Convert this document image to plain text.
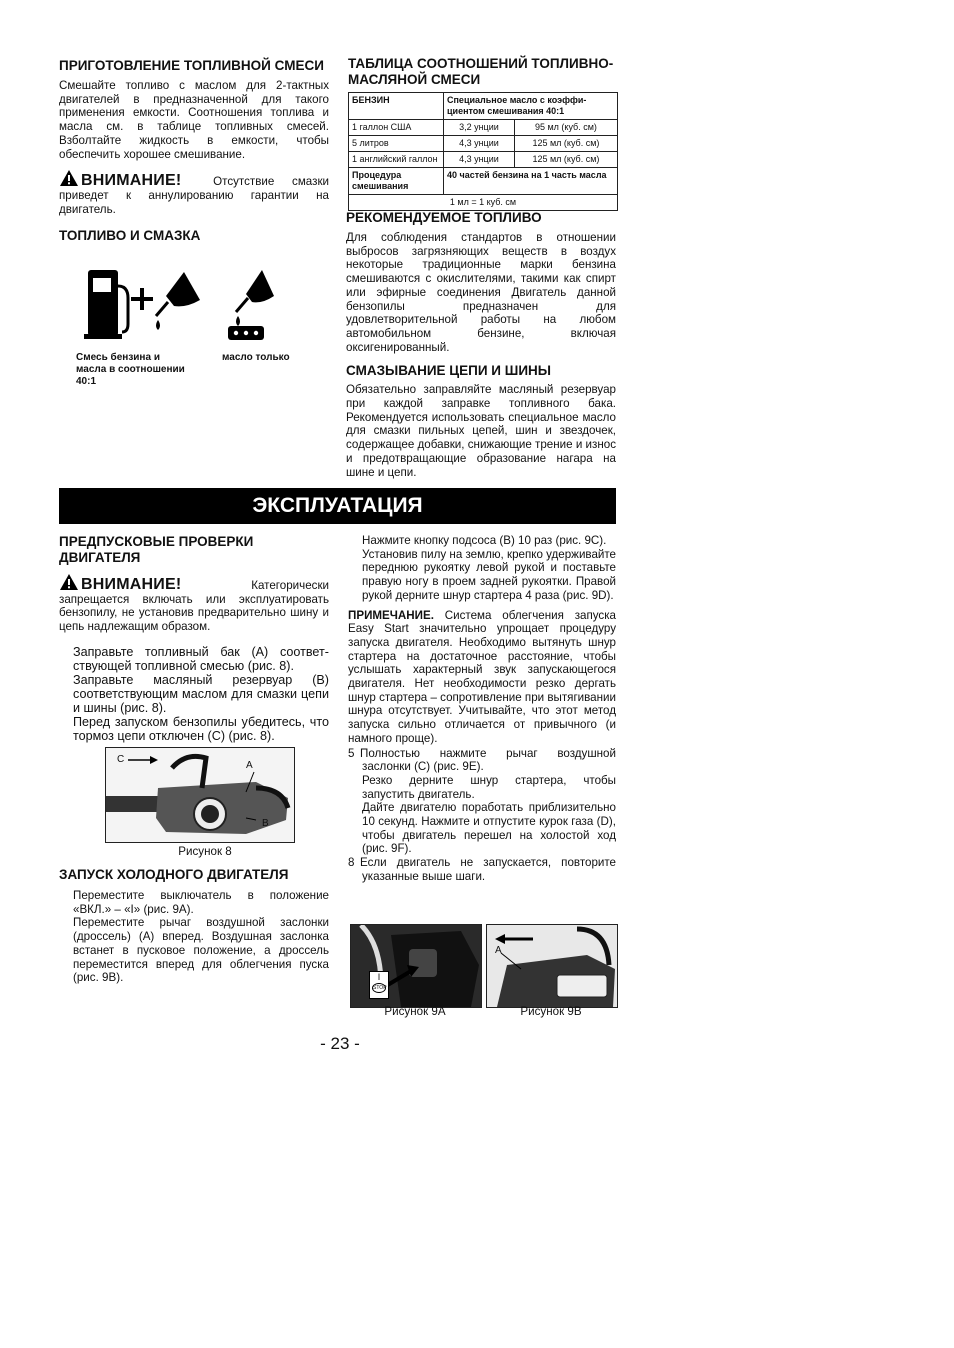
ПРИГОТОВЛЕНИЕ ТОПЛИВНОЙ СМЕСИ

Смешайте топливо с маслом для 2-тактных двигателей в предназначенной для такого применения емкости. Соотношения топлива и масла см. в таблице топливных смесей. Взболтайте жидкость в емкости, чтобы обеспечить хорошее смешивание.

ВНИМАНИЕ!	Отсутствие смазки приведет к аннулированию гарантии на двигатель.

ТОПЛИВО И СМАЗКА

Смесь бензина и масла в соотношении 40:1
масло только

ТАБЛИЦА СООТНОШЕНИЙ ТОПЛИВНО-МАСЛЯНОЙ СМЕСИ

БЕНЗИН	Специальное масло с коэффициентом смешивания 40:1	
1 галлон США	3,2 унции	95 мл (куб. см)
5 литров	4,3 унции	125 мл (куб. см)
1 английский галлон	4,3 унции	125 мл (куб. см)
Процедура смешивания	40 частей бензина на 1 часть масла	
1 мл = 1 куб. см		

РЕКОМЕНДУЕМОЕ ТОПЛИВО

Для соблюдения стандартов в отношении выбросов загрязняющих веществ в воздух некоторые традиционные марки бензина смешиваются с окислителями, такими как спирт или эфирные соединения Двигатель данной бензопилы предназначен для удовлетворительной работы на любом автомобильном бензине, включая оксигенированный.

СМАЗЫВАНИЕ ЦЕПИ И ШИНЫ

Обязательно заправляйте масляный резервуар при каждой заправке топливного бака. Рекомендуется использовать специальное масло для смазки пильных цепей, шин и звездочек, содержащее добавки, снижающие трение и износ и предотвращающие образование нагара на шине и цепи.

ЭКСПЛУАТАЦИЯ

ПРЕДПУСКОВЫЕ ПРОВЕРКИ ДВИГАТЕЛЯ

ВНИМАНИЕ!	Категорически запрещается включать или эксплуатировать бензопилу, не установив предварительно шину и цепь надлежащим образом.
Заправьте топливный бак (A) соответствующей топливной смесью (рис. 8).
Заправьте масляный резервуар (B) соответствующим маслом для смазки цепи и шины (рис. 8).
Перед запуском бензопилы убедитесь, что тормоз цепи отключен (C) (рис. 8).
C
A
B
Рисунок 8

ЗАПУСК ХОЛОДНОГО ДВИГАТЕЛЯ

Переместите выключатель в положение «ВКЛ.» – «I» (рис. 9A).

Переместите рычаг воздушной заслонки (дроссель) (A) вперед. Воздушная заслонка встанет в пусковое положение, а дроссель переместится вперед для облегчения пуска (рис. 9B).

Нажмите кнопку подсоса (B) 10 раз (рис. 9C).

Установив пилу на землю, крепко удерживайте переднюю рукоятку левой рукой и поставьте правую ногу в проем задней рукоятки. Правой рукой дерните шнур стартера 4 раза (рис. 9D).

ПРИМЕЧАНИЕ. Система облегчения запуска Easy Start значительно упрощает процедуру запуска двигателя. Необходимо вытянуть шнур стартера на достаточное расстояние, чтобы услышать характерный звук запускающегося двигателя. Нет необходимости резко дергать шнур стартера – сопротивление при вытягивании шнура отсутствует. Учитывайте, что этот метод запуска сильно отличается от привычного (и намного проще).

5 Полностью нажмите рычаг воздушной заслонки (C) (рис. 9E).

Резко дерните шнур стартера, чтобы запустить двигатель.

Дайте двигателю поработать приблизительно 10 секунд. Нажмите и отпустите курок газа (D), чтобы двигатель перешел на холостой ход (рис. 9F).

8 Если двигатель не запускается, повторите указанные выше шаги.

I
STOP
Рисунок 9A
A
Рисунок 9B
- 23 -
